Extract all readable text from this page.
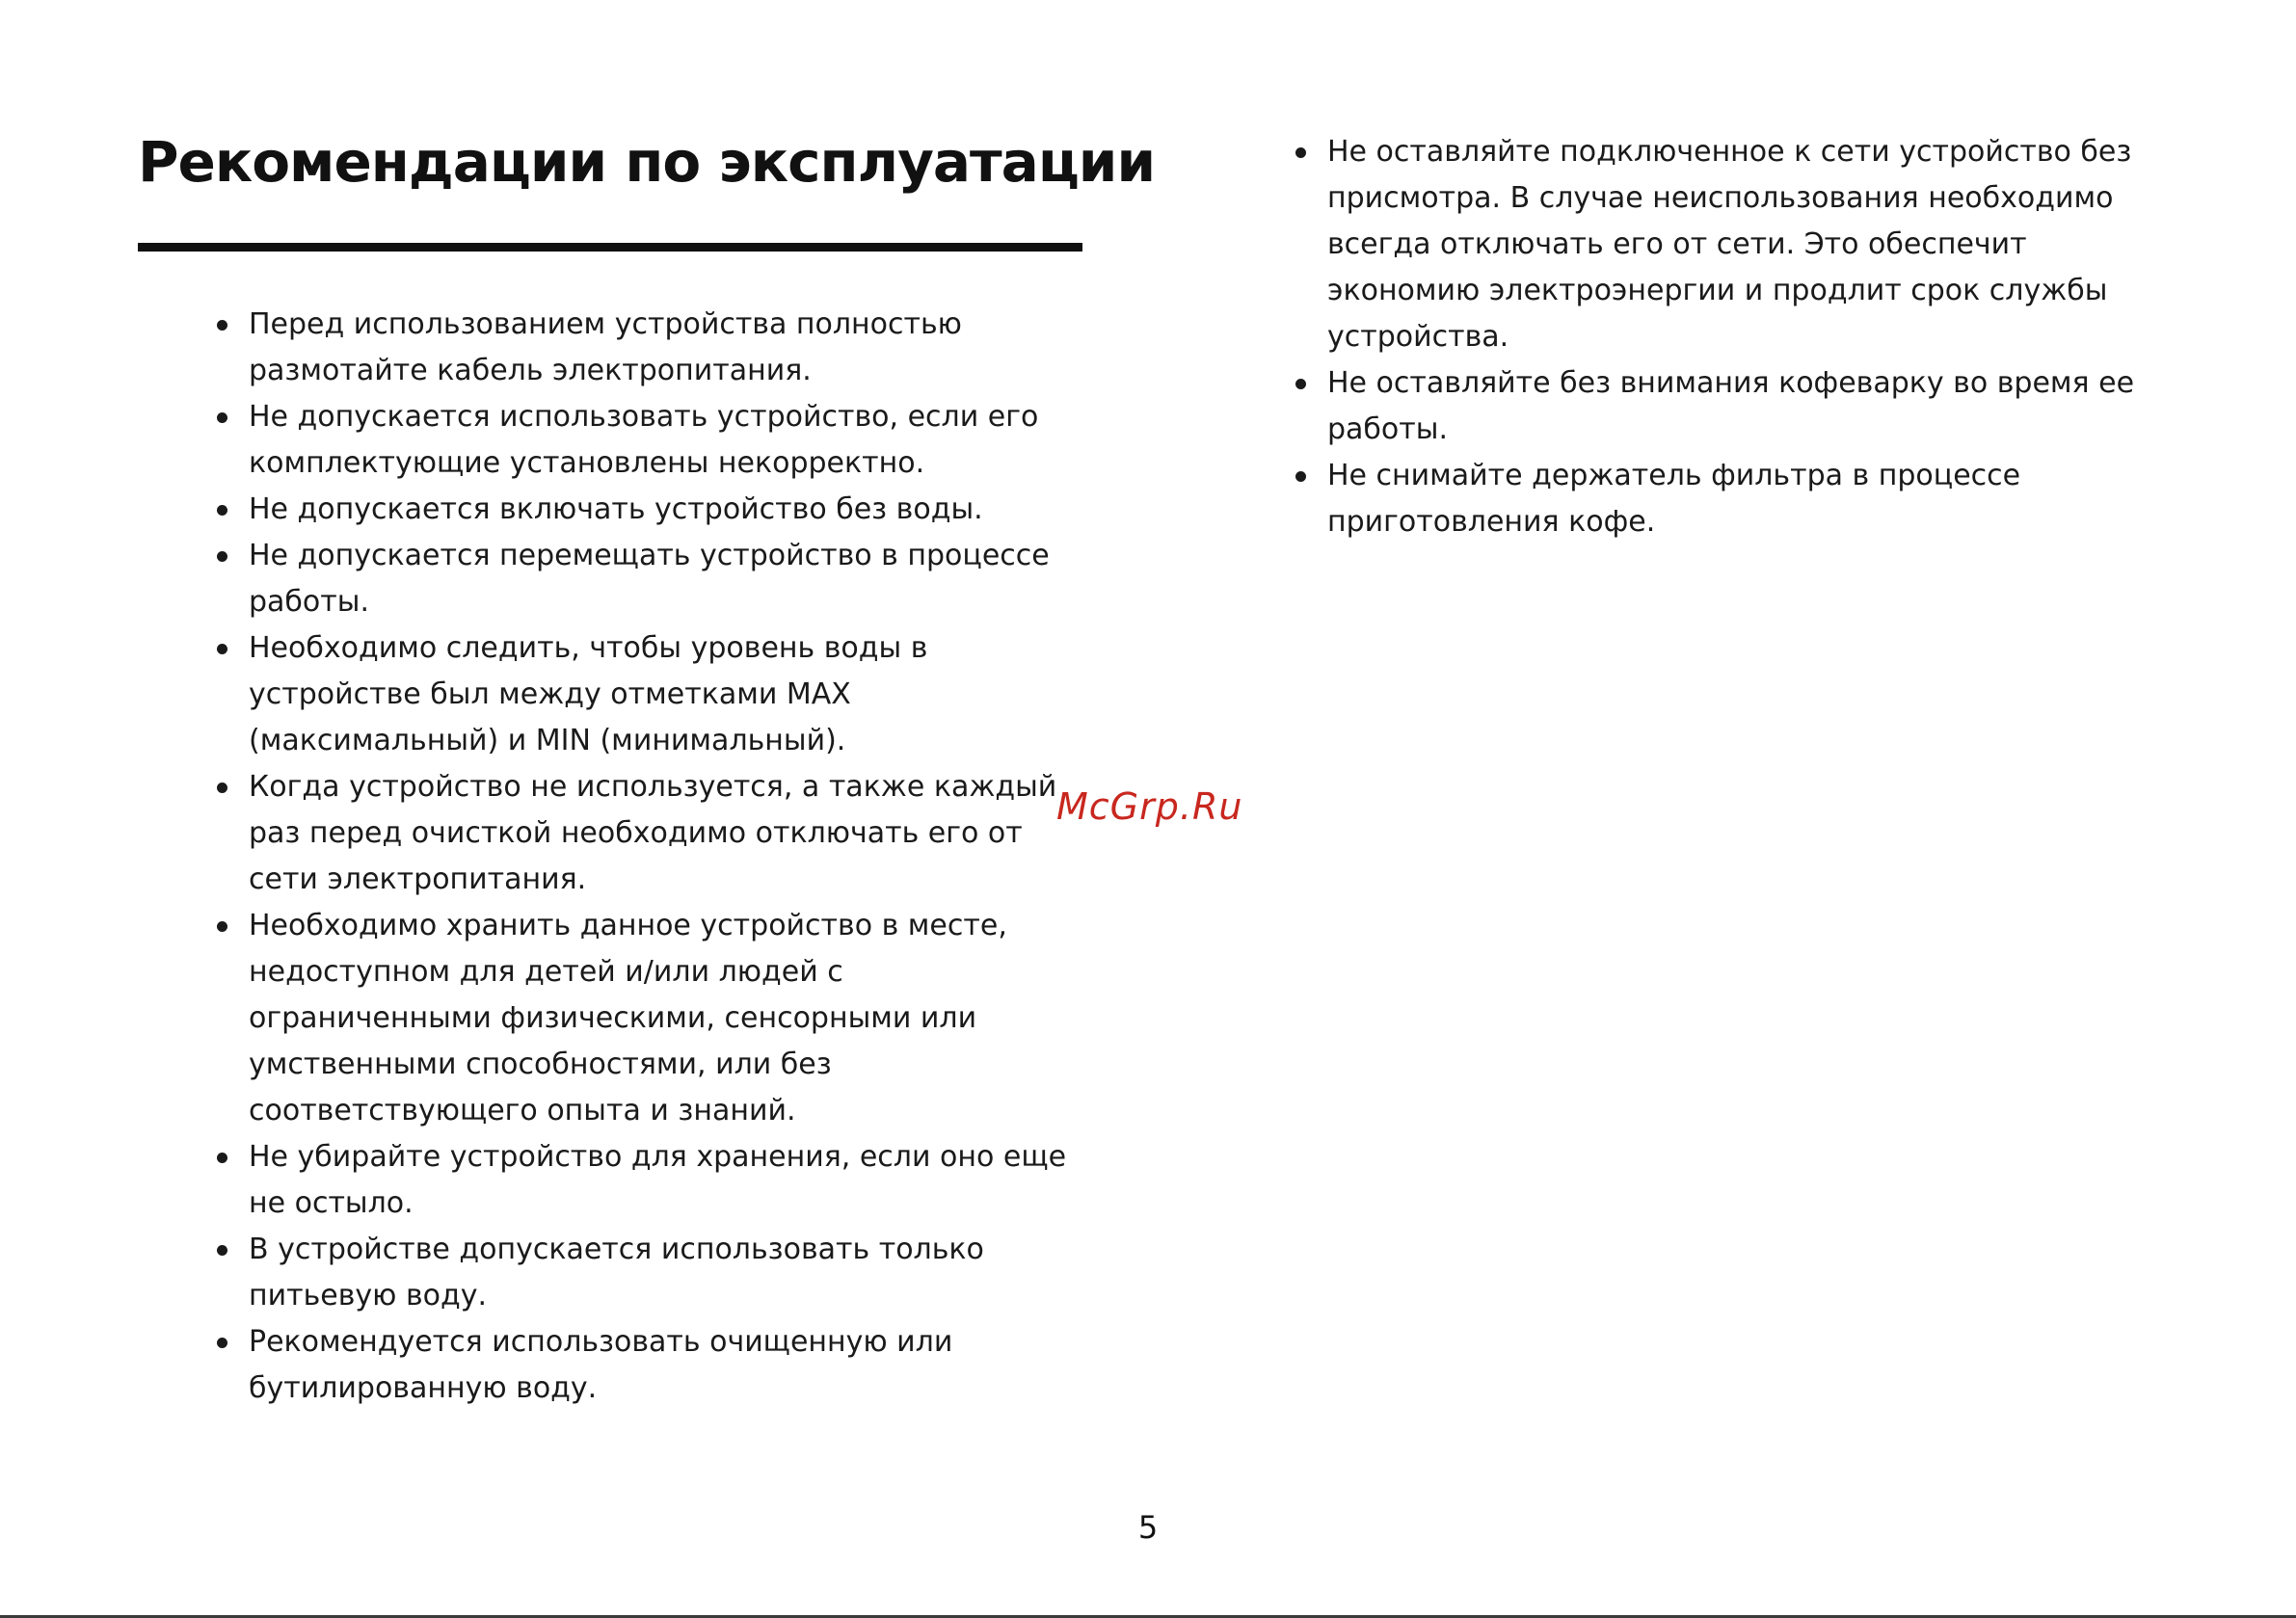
Рекомендации по эксплуатации
Перед использованием устройства полностью размотайте кабель электропитания.
Не допускается использовать устройство, если его комплектующие установлены некорректно.
Не допускается включать устройство без воды.
Не допускается перемещать устройство в процессе работы.
Необходимо следить, чтобы уровень воды в устройстве был между отметками MAX (максимальный) и MIN (минимальный).
Когда устройство не используется, а также каждый раз перед очисткой необходимо отключать его от сети электропитания.
Необходимо хранить данное устройство в месте, недоступном для детей и/или людей с ограниченными физическими, сенсорными или умственными способностями, или без соответствующего опыта и знаний.
Не убирайте устройство для хранения, если оно еще не остыло.
В устройстве допускается использовать только питьевую воду.
Рекомендуется использовать очищенную или бутилированную воду.
Не оставляйте подключенное к сети устройство без присмотра. В случае неиспользования необходимо всегда отключать его от сети. Это обеспечит экономию электроэнергии и продлит срок службы устройства.
Не оставляйте без внимания кофеварку во время ее работы.
Не снимайте держатель фильтра в процессе приготовления кофе.
McGrp.Ru
5
